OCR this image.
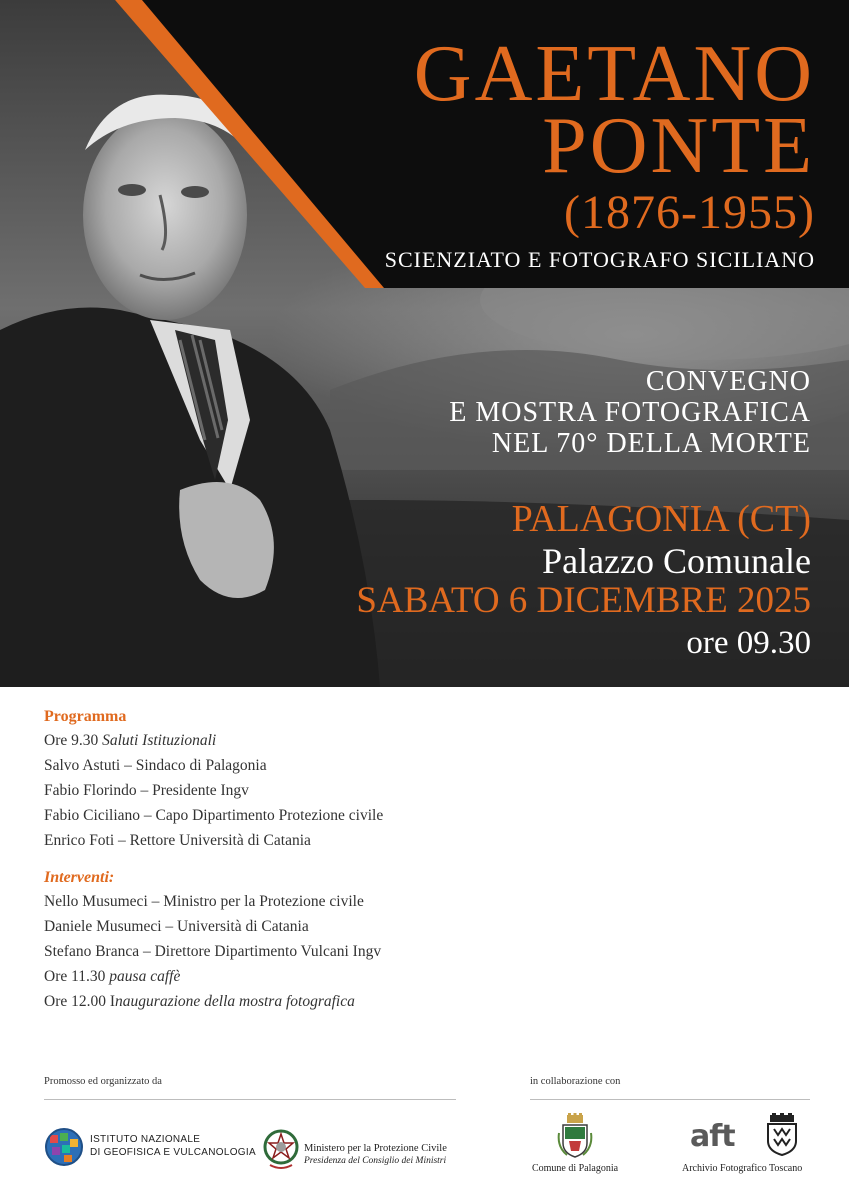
GAETANO
PONTE
(1876-1955)
SCIENZIATO E FOTOGRAFO SICILIANO
CONVEGNO
E MOSTRA FOTOGRAFICA
NEL 70° DELLA MORTE
PALAGONIA (CT)
Palazzo Comunale
SABATO 6 DICEMBRE 2025
ore 09.30
Programma
Ore 9.30 Saluti Istituzionali
Salvo Astuti – Sindaco di Palagonia
Fabio Florindo – Presidente Ingv
Fabio Ciciliano – Capo Dipartimento Protezione civile
Enrico Foti – Rettore Università di Catania
Interventi:
Nello Musumeci – Ministro per la Protezione civile
Daniele Musumeci – Università di Catania
Stefano Branca – Direttore Dipartimento Vulcani Ingv
Ore 11.30 pausa caffè
Ore 12.00 Inaugurazione della mostra fotografica
Promosso ed organizzato da	in collaborazione con
ISTITUTO NAZIONALE
DI GEOFISICA E VULCANOLOGIA	Ministero per la Protezione Civile
Presidenza del Consiglio dei Ministri
Comune di Palagonia
aft
Archivio Fotografico Toscano
